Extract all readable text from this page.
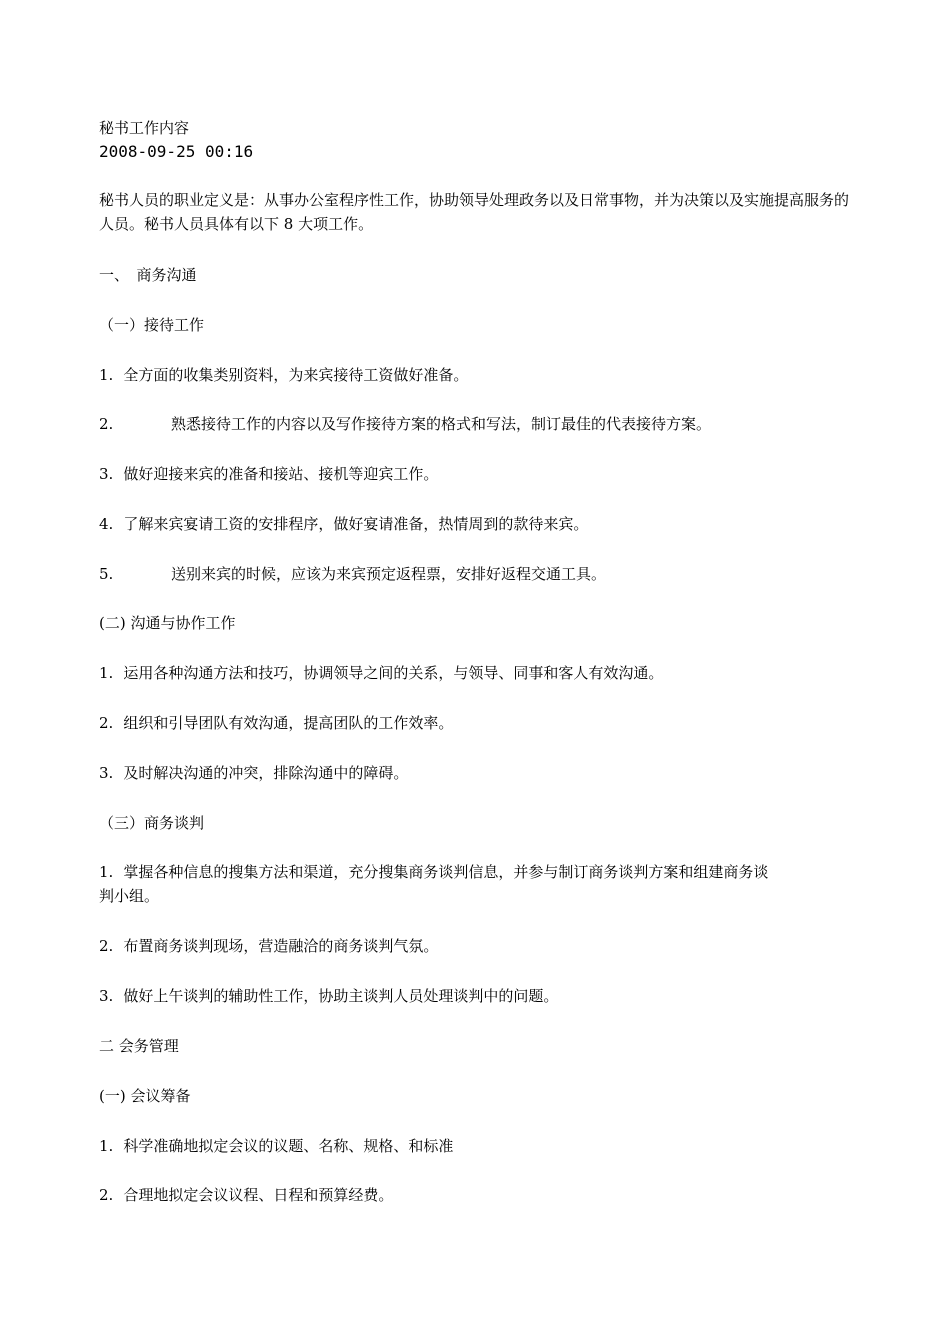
秘书工作内容
2008-09-25 00:16
秘书人员的职业定义是：从事办公室程序性工作，协助领导处理政务以及日常事物，并为决策以及实施提高服务的人员。秘书人员具体有以下 8 大项工作。
一、　商务沟通
（一）接待工作
1. 全方面的收集类别资料，为来宾接待工资做好准备。
2.	熟悉接待工作的内容以及写作接待方案的格式和写法，制订最佳的代表接待方案。
3. 做好迎接来宾的准备和接站、接机等迎宾工作。
4. 了解来宾宴请工资的安排程序，做好宴请准备，热情周到的款待来宾。
5.	送别来宾的时候，应该为来宾预定返程票，安排好返程交通工具。
(二) 沟通与协作工作
1. 运用各种沟通方法和技巧，协调领导之间的关系，与领导、同事和客人有效沟通。
2. 组织和引导团队有效沟通，提高团队的工作效率。
3. 及时解决沟通的冲突，排除沟通中的障碍。
（三）商务谈判
1. 掌握各种信息的搜集方法和渠道，充分搜集商务谈判信息，并参与制订商务谈判方案和组建商务谈
判小组。
2. 布置商务谈判现场，营造融洽的商务谈判气氛。
3. 做好上午谈判的辅助性工作，协助主谈判人员处理谈判中的问题。
二 会务管理
(一) 会议筹备
1. 科学准确地拟定会议的议题、名称、规格、和标准
2. 合理地拟定会议议程、日程和预算经费。
